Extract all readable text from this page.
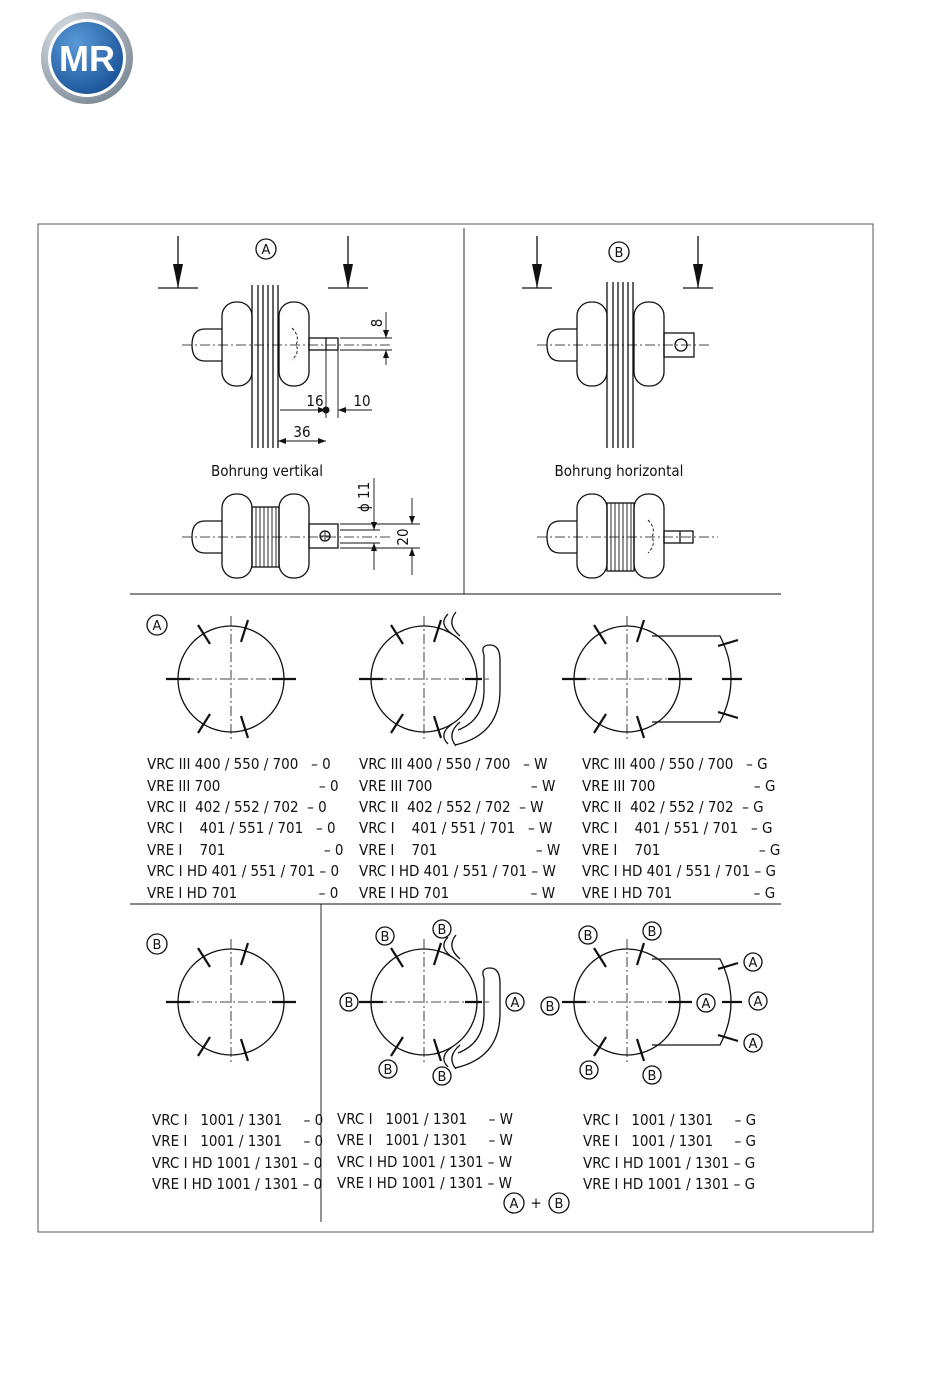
MR
A
8
16 10
36
Bohrung vertikal
ϕ 11
20
B
Bohrung horizontal
A
VRC III 400 / 550 / 700   – 0
VRE III 700                       – 0
VRC II  402 / 552 / 702  – 0
VRC I    401 / 551 / 701   – 0
VRE I    701                       – 0
VRC I HD 401 / 551 / 701 – 0
VRE I HD 701                   – 0
VRC III 400 / 550 / 700   – W
VRE III 700                       – W
VRC II  402 / 552 / 702  – W
VRC I    401 / 551 / 701   – W
VRE I    701                       – W
VRC I HD 401 / 551 / 701 – W
VRE I HD 701                   – W
VRC III 400 / 550 / 700   – G
VRE III 700                       – G
VRC II  402 / 552 / 702  – G
VRC I    401 / 551 / 701   – G
VRE I    701                       – G
VRC I HD 401 / 551 / 701 – G
VRE I HD 701                   – G
B
B	B
B	A
B	B
B	B
B	A
A
A
A
B	B
VRC I   1001 / 1301     – 0
VRE I   1001 / 1301     – 0
VRC I HD 1001 / 1301 – 0
VRE I HD 1001 / 1301 – 0
VRC I   1001 / 1301     – W
VRE I   1001 / 1301     – W
VRC I HD 1001 / 1301 – W
VRE I HD 1001 / 1301 – W
VRC I   1001 / 1301     – G
VRE I   1001 / 1301     – G
VRC I HD 1001 / 1301 – G
VRE I HD 1001 / 1301 – G
A + B
